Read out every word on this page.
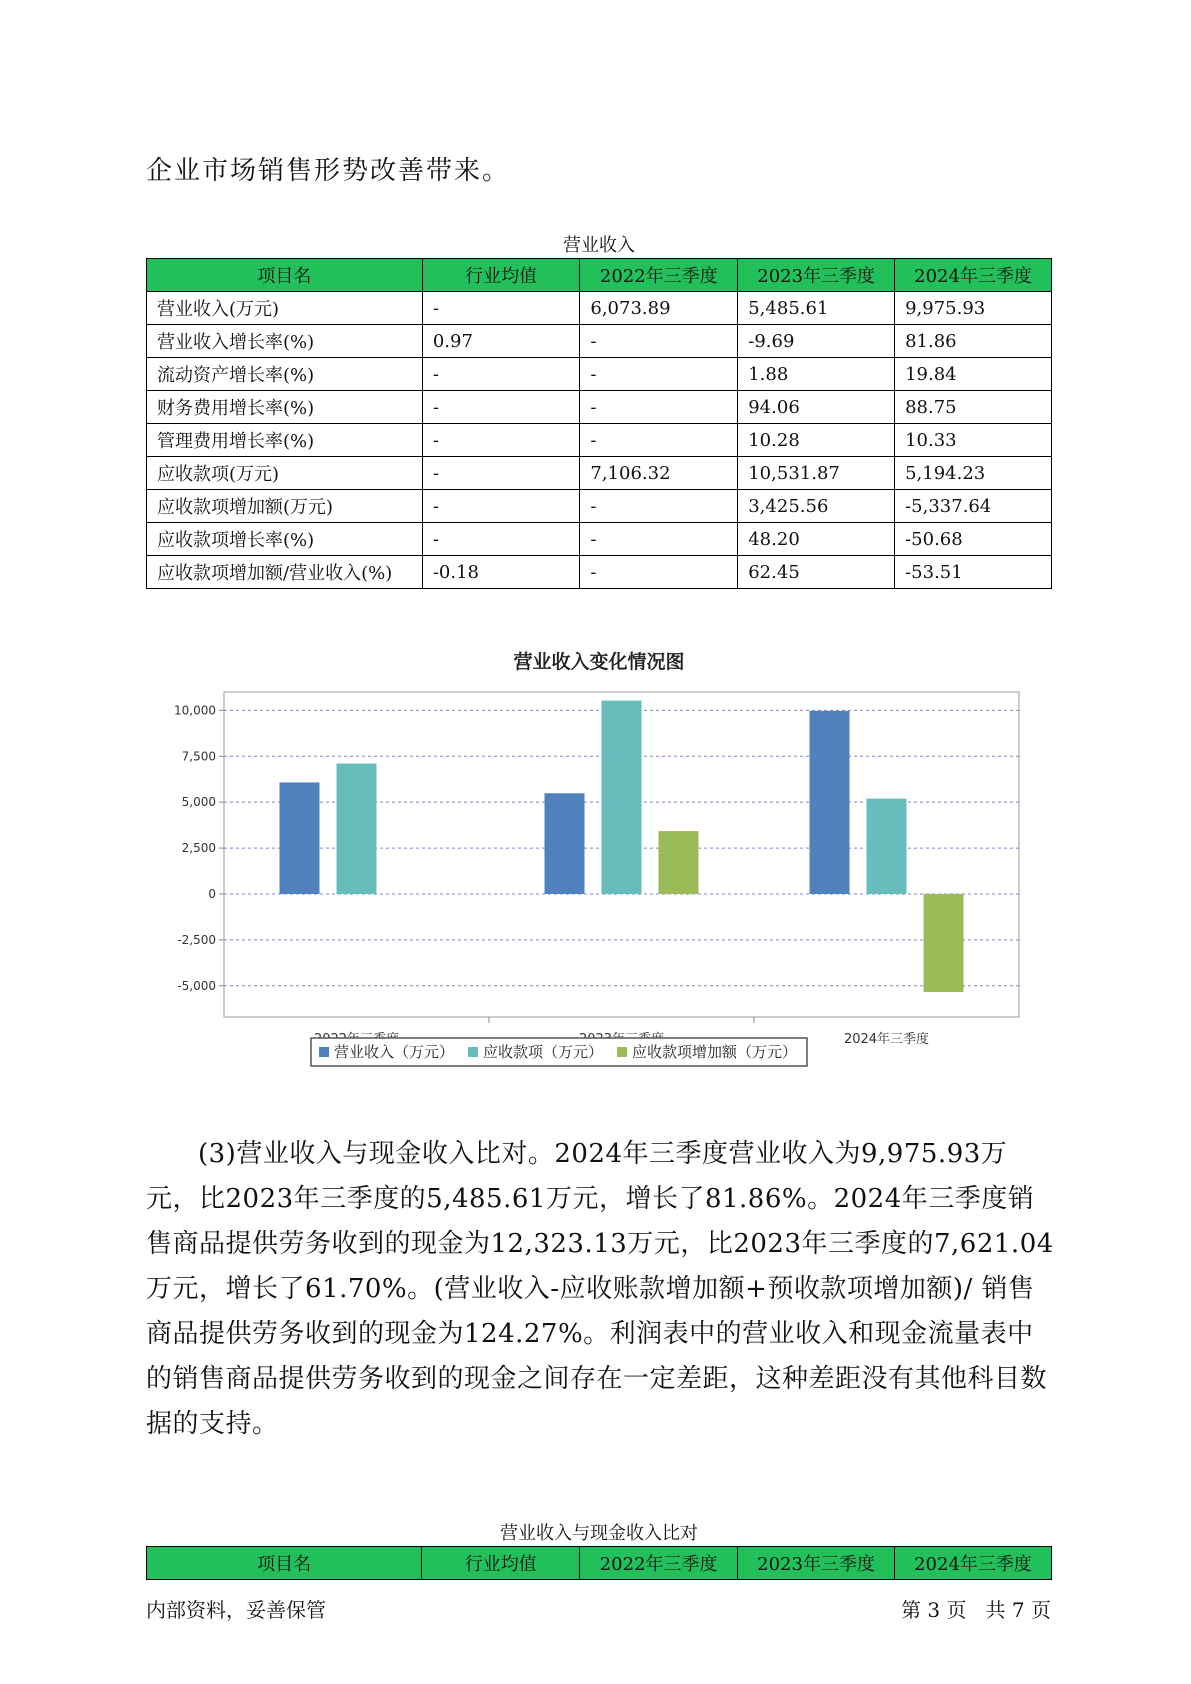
企业市场销售形势改善带来。

营业收入

项目名	行业均值	2022年三季度	2023年三季度	2024年三季度
营业收入(万元)	-	6,073.89	5,485.61	9,975.93
营业收入增长率(%)	0.97	-	-9.69	81.86
流动资产增长率(%)	-	-	1.88	19.84
财务费用增长率(%)	-	-	94.06	88.75
管理费用增长率(%)	-	-	10.28	10.33
应收款项(万元)	-	7,106.32	10,531.87	5,194.23
应收款项增加额(万元)	-	-	3,425.56	-5,337.64
应收款项增长率(%)	-	-	48.20	-50.68
应收款项增加额/营业收入(%)	-0.18	-	62.45	-53.51
营业收入变化情况图
10,000
7,500
5,000
2,500
0
-2,500
-5,000
2024年三季度
营业收入（万元） 应收款项（万元） 应收款项增加额（万元）

(3)营业收入与现金收入比对。2024年三季度营业收入为9,975.93万元，比2023年三季度的5,485.61万元，增长了81.86%。2024年三季度销售商品提供劳务收到的现金为12,323.13万元，比2023年三季度的7,621.04万元，增长了61.70%。(营业收入-应收账款增加额+预收款项增加额)/ 销售商品提供劳务收到的现金为124.27%。利润表中的营业收入和现金流量表中的销售商品提供劳务收到的现金之间存在一定差距，这种差距没有其他科目数据的支持。

营业收入与现金收入比对

项目名	行业均值	2022年三季度	2023年三季度	2024年三季度

内部资料，妥善保管	第 3 页   共 7 页
